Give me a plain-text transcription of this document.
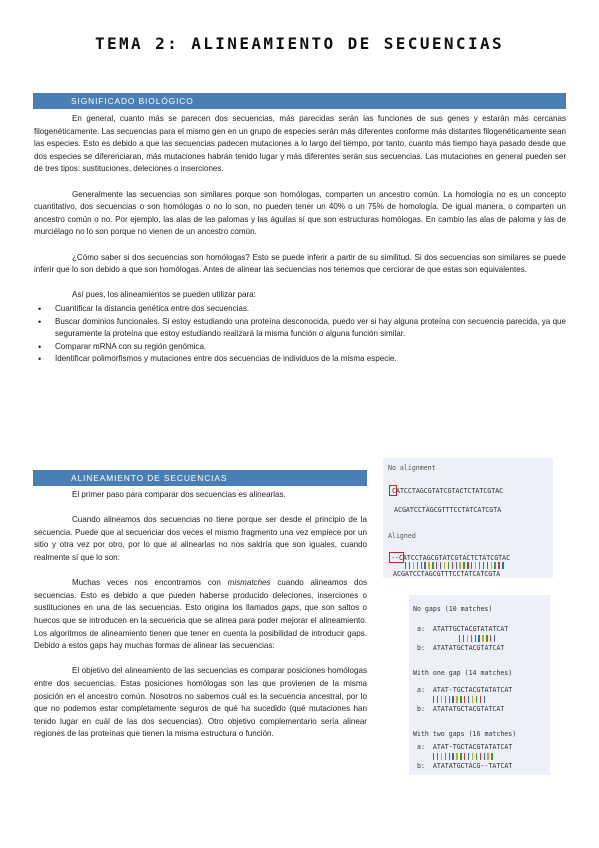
TEMA 2: ALINEAMIENTO DE SECUENCIAS
SIGNIFICADO BIOLÓGICO

En general, cuanto más se parecen dos secuencias, más parecidas serán las funciones de sus genes y estarán más cercanas filogenéticamente. Las secuencias para el mismo gen en un grupo de especies serán más diferentes conforme más distantes filogenéticamente sean las especies. Esto es debido a que las secuencias padecen mutaciones a lo largo del tiempo, por tanto, cuanto más tiempo haya pasado desde que dos especies se diferenciaran, más mutaciones habrán tenido lugar y más diferentes serán sus secuencias. Las mutaciones en general pueden ser de tres tipos: sustituciones, deleciones o inserciones.

Generalmente las secuencias son similares porque son homólogas, comparten un ancestro común. La homología no es un concepto cuantitativo, dos secuencias o son homólogas o no lo son, no pueden tener un 40% o un 75% de homología. De igual manera, o comparten un ancestro común o no. Por ejemplo, las alas de las palomas y las águilas sí que son estructuras homólogas. En cambio las alas de paloma y las de murciélago no lo son porque no vienen de un ancestro común.

¿Cómo saber si dos secuencias son homólogas? Esto se puede inferir a partir de su similitud. Si dos secuencias son similares se puede inferir que lo son debido a que son homólogas. Antes de alinear las secuencias nos tenemos que cerciorar de que estas son equivalentes.

Así pues, los alineamientos se pueden utilizar para:

• Cuantificar la distancia genética entre dos secuencias.
• Buscar dominios funcionales. Si estoy estudiando una proteína desconocida, puedo ver si hay alguna proteína con secuencia parecida, ya que seguramente la proteína que estoy estudiando realizará la misma función o alguna función similar.
• Comparar mRNA con su región genómica.
• Identificar polimorfismos y mutaciones entre dos secuencias de individuos de la misma especie.
ALINEAMIENTO DE SECUENCIAS

El primer paso para comparar dos secuencias es alinearlas.

Cuando alineamos dos secuencias no tiene porque ser desde el principio de la secuencia. Puede que al secuenciar dos veces el mismo fragmento una vez empiece por un sitio y otra vez por otro, por lo que al alinearlas no nos saldría que son iguales, cuando realmente sí que lo son:

Muchas veces nos encontramos con mismatches cuando alineamos dos secuencias. Esto es debido a que pueden haberse producido deleciones, inserciones o sustituciones en una de las secuencias. Esto origina los llamados gaps, que son saltos o huecos que se introducen en la secuencia que se alinea para poder mejorar el alineamiento. Los algoritmos de alineamiento tienen que tener en cuenta la posibilidad de introducir gaps. Debido a estos gaps hay muchas formas de alinear las secuencias:

El objetivo del alineamiento de las secuencias es comparar posiciones homólogas entre dos secuencias. Estas posiciones homólogas son las que provienen de la misma posición en el ancestro común. Nosotros no sabemos cuál es la secuencia ancestral, por lo que no podemos estar completamente seguros de qué ha sucedido (qué mutaciones han tenido lugar en cuál de las dos secuencias). Otro objetivo complementario sería alinear regiones de las proteínas que tienen la misma estructura o función.

No alignment
CATCCTAGCGTATCGTACTCTATCGTAC
ACGATCCTAGCGTTTCCTATCATCGTA
Aligned
--CATCCTAGCGTATCGTACTCTATCGTAC
ACGATCCTAGCGTTTCCTATCATCGTA
No gaps (10 matches)
a:  ATATTGCTACGTATATCAT
b:  ATATATGCTACGTATCAT
With one gap (14 matches)
a:  ATAT-TGCTACGTATATCAT
b:  ATATATGCTACGTATCAT
With two gaps (16 matches)
a:  ATAT-TGCTACGTATATCAT
b:  ATATATGCTACG--TATCAT
